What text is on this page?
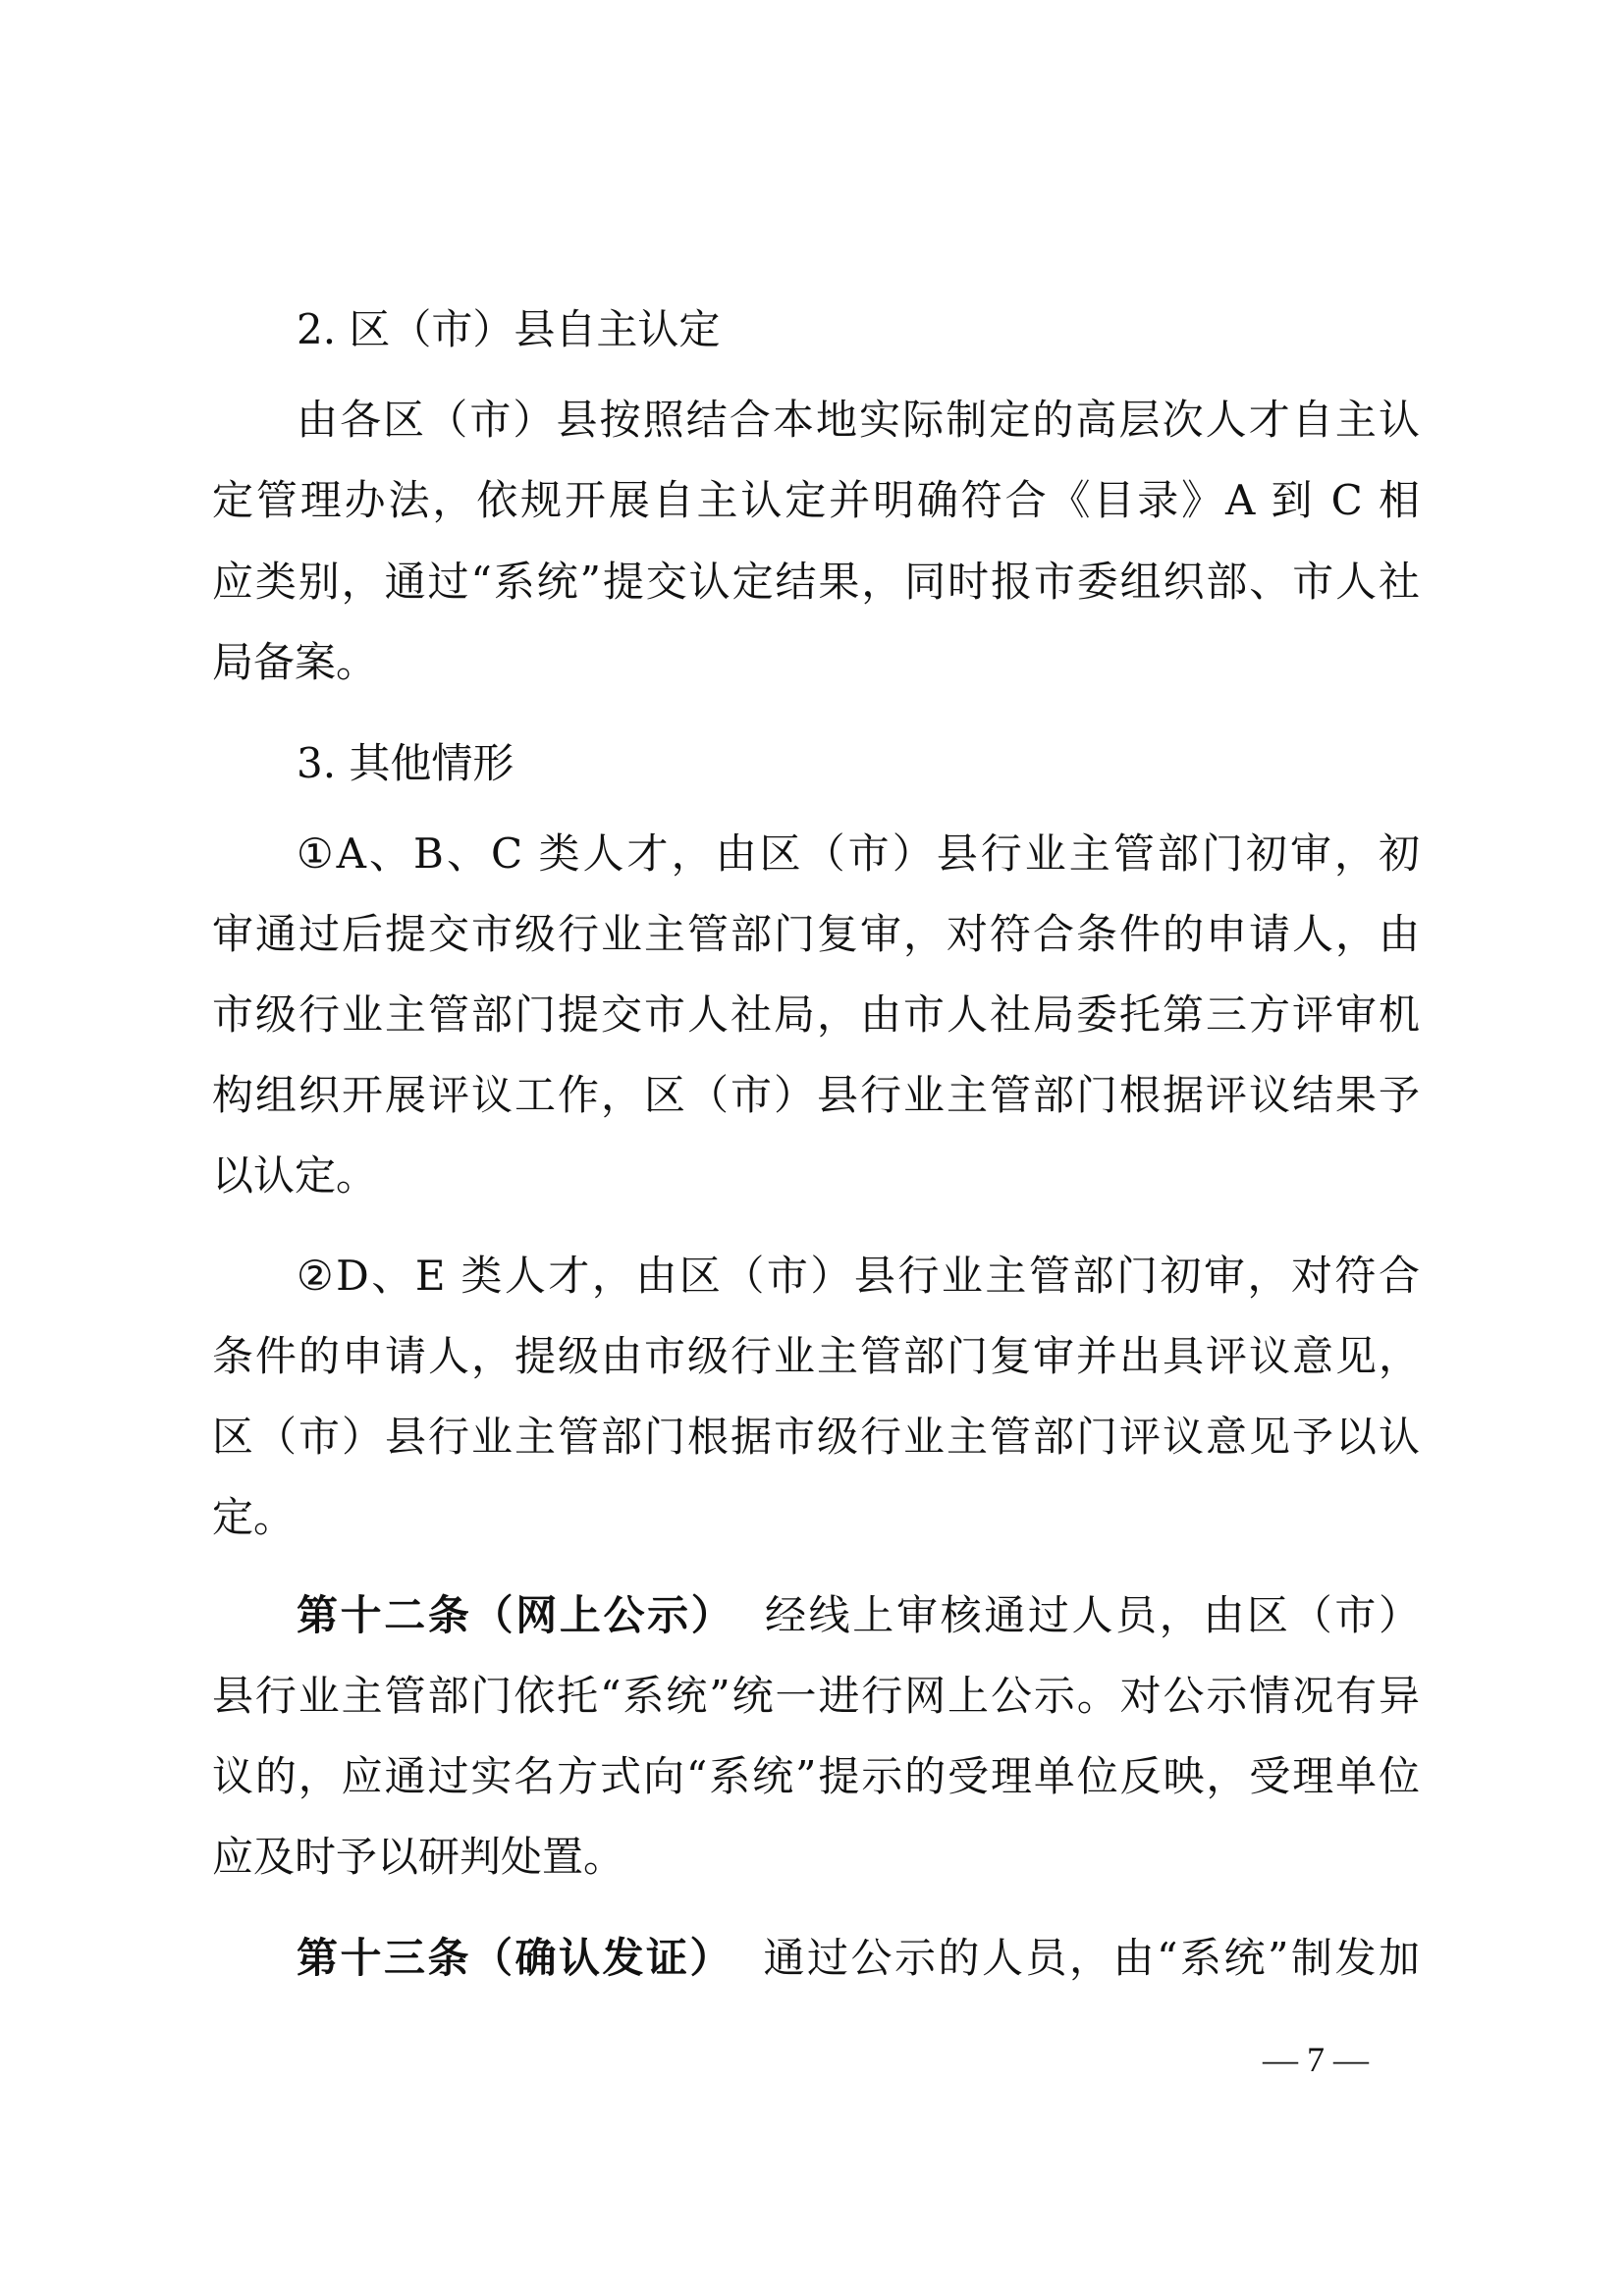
2. 区（市）县自主认定
由各区（市）县按照结合本地实际制定的高层次人才自主认
定管理办法，依规开展自主认定并明确符合《目录》A 到 C 相
应类别，通过“系统”提交认定结果，同时报市委组织部、市人社
局备案。
3. 其他情形
①A、B、C 类人才，由区（市）县行业主管部门初审，初
审通过后提交市级行业主管部门复审，对符合条件的申请人，由
市级行业主管部门提交市人社局，由市人社局委托第三方评审机
构组织开展评议工作，区（市）县行业主管部门根据评议结果予
以认定。
②D、E 类人才，由区（市）县行业主管部门初审，对符合
条件的申请人，提级由市级行业主管部门复审并出具评议意见，
区（市）县行业主管部门根据市级行业主管部门评议意见予以认
定。
第十二条（网上公示） 经线上审核通过人员，由区（市）
县行业主管部门依托“系统”统一进行网上公示。对公示情况有异
议的，应通过实名方式向“系统”提示的受理单位反映，受理单位
应及时予以研判处置。
第十三条（确认发证） 通过公示的人员，由“系统”制发加
— 7 —
